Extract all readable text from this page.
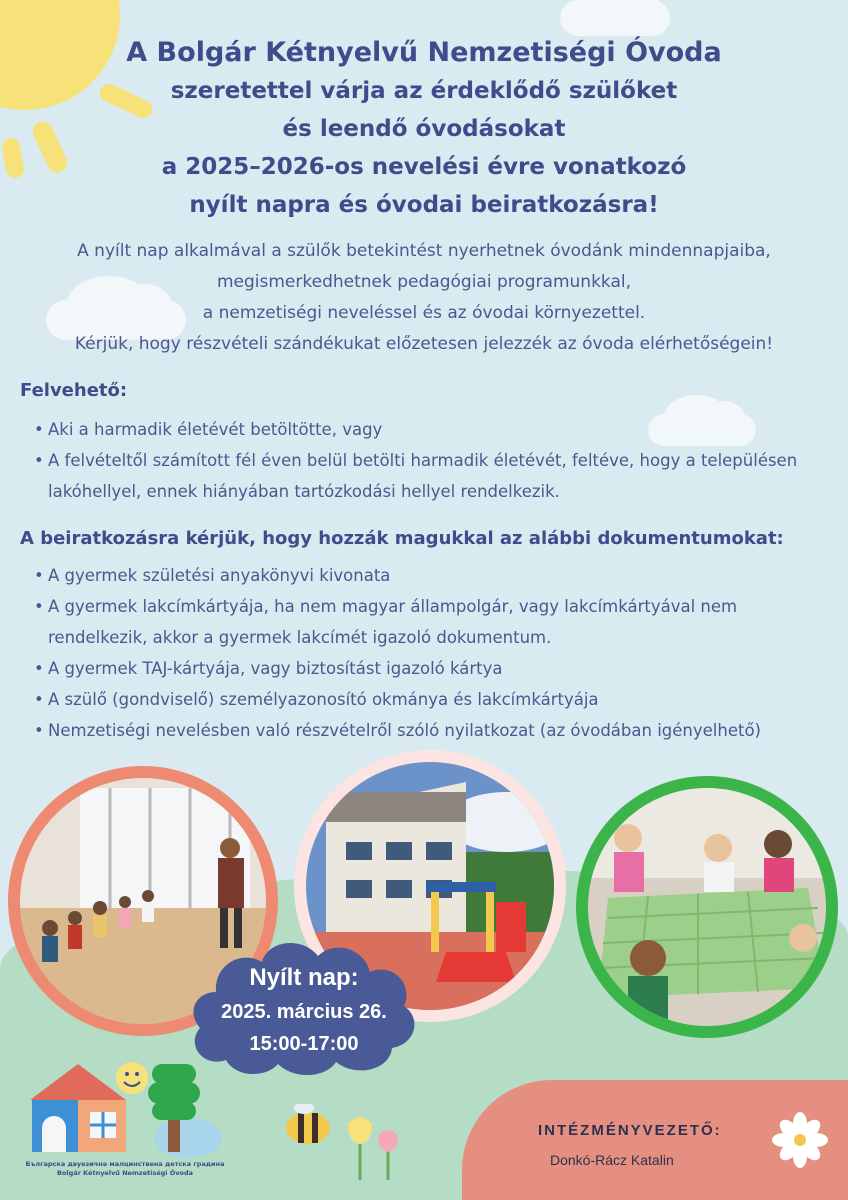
A Bolgár Kétnyelvű Nemzetiségi Óvoda
szeretettel várja az érdeklődő szülőket
és leendő óvodásokat
a 2025–2026-os nevelési évre vonatkozó
nyílt napra és óvodai beiratkozásra!
A nyílt nap alkalmával a szülők betekintést nyerhetnek óvodánk mindennapjaiba,
megismerkedhetnek pedagógiai programunkkal,
a nemzetiségi neveléssel és az óvodai környezettel.
Kérjük, hogy részvételi szándékukat előzetesen jelezzék az óvoda elérhetőségein!
Felvehető:
• Aki a harmadik életévét betöltötte, vagy
• A felvételtől számított fél éven belül betölti harmadik életévét, feltéve, hogy a településen lakóhellyel, ennek hiányában tartózkodási hellyel rendelkezik.
A beiratkozásra kérjük, hogy hozzák magukkal az alábbi dokumentumokat:
• A gyermek születési anyakönyvi kivonata
• A gyermek lakcímkártyája, ha nem magyar állampolgár, vagy lakcímkártyával nem rendelkezik, akkor a gyermek lakcímét igazoló dokumentum.
• A gyermek TAJ-kártyája, vagy biztosítást igazoló kártya
• A szülő (gondviselő) személyazonosító okmánya és lakcímkártyája
• Nemzetiségi nevelésben való részvételről szóló nyilatkozat (az óvodában igényelhető)
Nyílt nap:
2025. március 26.
15:00-17:00
Българска двуезична малцинствена детска градина
Bolgár Kétnyelvű Nemzetiségi Óvoda
INTÉZMÉNYVEZETŐ:
Donkó-Rácz Katalin
